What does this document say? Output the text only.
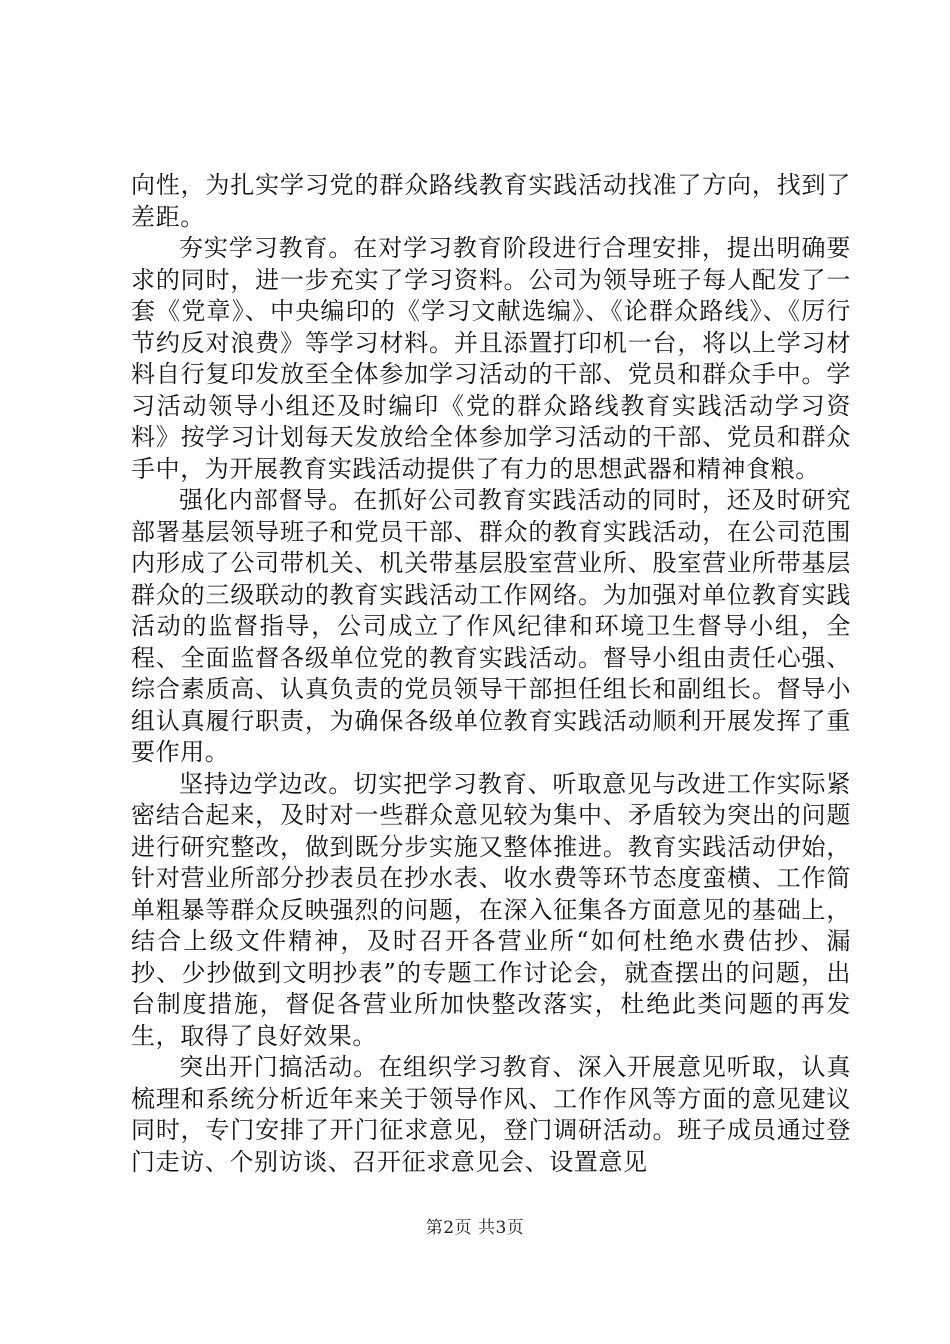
向性，为扎实学习党的群众路线教育实践活动找准了方向，找到了差距。

夯实学习教育。在对学习教育阶段进行合理安排，提出明确要求的同时，进一步充实了学习资料。公司为领导班子每人配发了一套《党章》、中央编印的《学习文献选编》、《论群众路线》、《厉行节约反对浪费》等学习材料。并且添置打印机一台，将以上学习材料自行复印发放至全体参加学习活动的干部、党员和群众手中。学习活动领导小组还及时编印《党的群众路线教育实践活动学习资料》按学习计划每天发放给全体参加学习活动的干部、党员和群众手中，为开展教育实践活动提供了有力的思想武器和精神食粮。

强化内部督导。在抓好公司教育实践活动的同时，还及时研究部署基层领导班子和党员干部、群众的教育实践活动，在公司范围内形成了公司带机关、机关带基层股室营业所、股室营业所带基层群众的三级联动的教育实践活动工作网络。为加强对单位教育实践活动的监督指导，公司成立了作风纪律和环境卫生督导小组，全程、全面监督各级单位党的教育实践活动。督导小组由责任心强、综合素质高、认真负责的党员领导干部担任组长和副组长。督导小组认真履行职责，为确保各级单位教育实践活动顺利开展发挥了重要作用。

坚持边学边改。切实把学习教育、听取意见与改进工作实际紧密结合起来，及时对一些群众意见较为集中、矛盾较为突出的问题进行研究整改，做到既分步实施又整体推进。教育实践活动伊始，针对营业所部分抄表员在抄水表、收水费等环节态度蛮横、工作简单粗暴等群众反映强烈的问题，在深入征集各方面意见的基础上，结合上级文件精神，及时召开各营业所“如何杜绝水费估抄、漏抄、少抄做到文明抄表”的专题工作讨论会，就查摆出的问题，出台制度措施，督促各营业所加快整改落实，杜绝此类问题的再发生，取得了良好效果。

突出开门搞活动。在组织学习教育、深入开展意见听取，认真梳理和系统分析近年来关于领导作风、工作作风等方面的意见建议同时，专门安排了开门征求意见，登门调研活动。班子成员通过登门走访、个别访谈、召开征求意见会、设置意见

第2页 共3页
